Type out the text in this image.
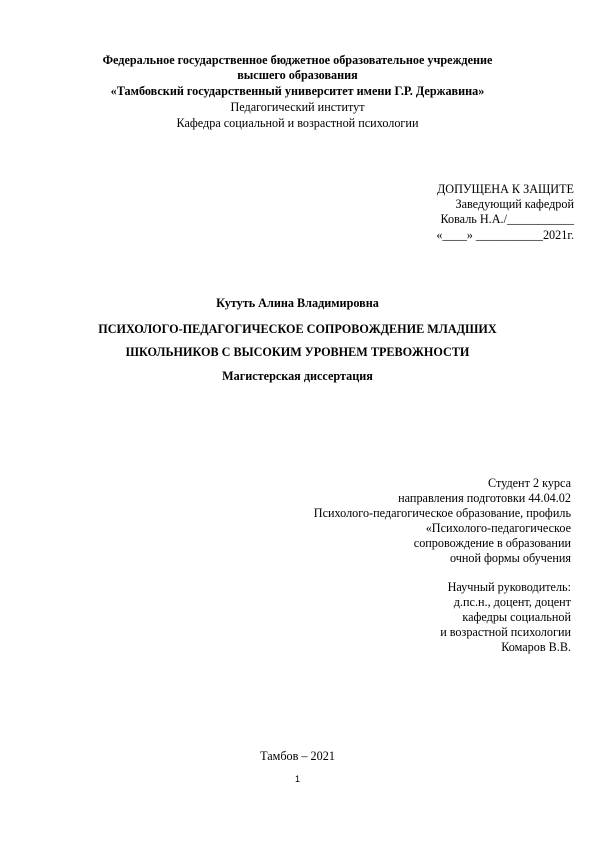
Федеральное государственное бюджетное образовательное учреждение
высшего образования
«Тамбовский государственный университет имени Г.Р. Державина»
Педагогический институт
Кафедра социальной и возрастной психологии
ДОПУЩЕНА К ЗАЩИТЕ
Заведующий кафедрой
Коваль Н.А./___________
«____» ___________2021г.
Кутуть Алина Владимировна
ПСИХОЛОГО-ПЕДАГОГИЧЕСКОЕ СОПРОВОЖДЕНИЕ МЛАДШИХ
ШКОЛЬНИКОВ С ВЫСОКИМ УРОВНЕМ ТРЕВОЖНОСТИ
Магистерская диссертация
Студент 2 курса
направления подготовки 44.04.02
Психолого-педагогическое образование, профиль
«Психолого-педагогическое
сопровождение в образовании
очной формы обучения
Научный руководитель:
д.пс.н., доцент, доцент
кафедры социальной
и возрастной психологии
Комаров В.В.
Тамбов – 2021
1
